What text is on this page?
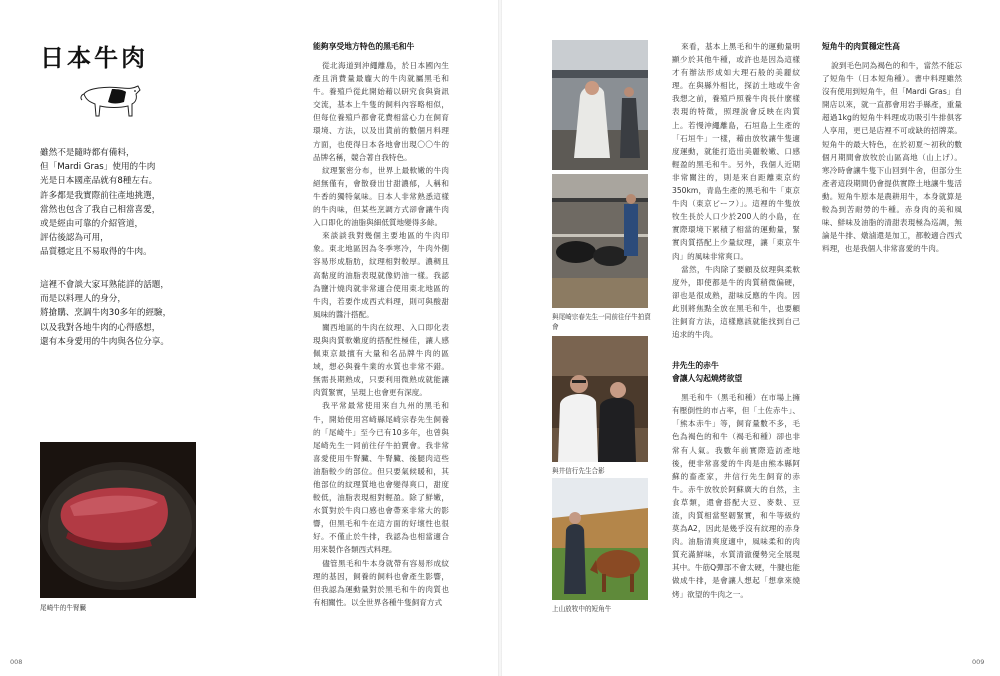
日本牛肉

雖然不是隨時都有備料，

但「Mardi Gras」使用的牛肉

光是日本國產品就有8種左右。

許多都是我實際前往產地挑選，

當然也包含了我自己相當喜愛，

或是經由可靠的介紹管道，

評估後認為可用，

品質穩定且不易取得的牛肉。

這裡不會談大家耳熟能詳的話題，

而是以料理人的身分，

將搶購、烹調牛肉30多年的經驗，

以及我對各地牛肉的心得感想，

還有本身愛用的牛肉與各位分享。

尾崎牛的牛腎臟
008
能夠享受地方特色的黑毛和牛

從北海道到沖繩離島，於日本國內生產且消費量最龐大的牛肉就屬黑毛和牛。養殖戶從此開始藉以研究食與資訊交流，基本上牛隻的飼料內容略相似，但每位養殖戶都會花費相當心力在飼育環境、方法，以及出貨前的數個月料理方面，也使得日本各地會出現〇〇牛的品牌名稱，競合著自我特色。

紋理緊密分布，世界上最軟嫩的牛肉絕無僅有，會散發出甘甜濃郁，人稱和牛香的獨特氣味。日本人非常熟悉這樣的牛肉味，但某些烹調方式卻會讓牛肉入口即化的油脂與細低質地變得多餘。

來談談我對幾個主要地區的牛肉印象。東北地區因為冬季寒冷，牛肉外側容易形成脂肪，紋理相對較厚。濃稠且高黏度的油脂表現就像奶油一樣。我認為鹽汁燒肉就非常適合使用東北地區的牛肉，若要作成西式料理，則可與酸甜風味的醬汁搭配。

關西地區的牛肉在紋理、入口即化表現與肉質軟嫩度的搭配性極佳，讓人感佩東京最擅有大量和名品牌牛肉的區域，想必與養牛業的水質也非常不錯。無需長期熟成，只要利用微熟成就能讓肉質緊實，呈現上也會更有深度。

我平常最常使用來自九州的黑毛和牛，開始使用宮崎縣尾崎宗春先生飼養的「尾崎牛」至今已有10多年，也曾與尾崎先生一同前往仔牛拍賣會。我非常喜愛使用牛腎臟、牛腎臟、後腿肉這些油脂較少的部位。但只要氣候暖和，其他部位的紋理質地也會變得爽口，甜度較低，油脂表現相對輕盈。除了鮮嫩，水質對於牛肉口感也會帶來非常大的影響，但黑毛和牛在這方面的好壞性也很好。不僅止於牛排，我認為也相當適合用來製作各類西式料理。

儘管黑毛和牛本身就帶有容易形成紋理的基因，飼養的飼料也會產生影響，但我認為運動量對於黑毛和牛的肉質也有相關性。以全世界各種牛隻飼育方式

與尾崎宗春先生一同前往仔牛拍賣會
與井信行先生合影
上山放牧中的短角牛

來看，基本上黑毛和牛的運動量明顯少於其他牛種，或許也是因為這樣才有辦法形成如大理石般的美麗紋理。在與縣外相比，探訪土地或牛舍我想之前，養殖戶照養牛肉長什麼樣表現的特徵，照理說會反映在肉質上。若慢沖繩離島，石垣島上生產的「石垣牛」一樣，藉由放牧讓牛隻適度運動，就能打造出美麗較嫩、口感輕盈的黑毛和牛。另外，我個人近期非常關注的，則是來自距離東京約350km，青島生產的黑毛和牛「東京牛肉（東京ビーフ）」。這裡的牛隻放牧生長於人口少於200人的小島，在實際環境下累積了相當的運動量，緊實肉質搭配上少量紋理，讓「東京牛肉」的風味非常爽口。

當然，牛肉除了要顧及紋理與柔軟度外，即使都是牛的肉質稍微偏硬，卻也是很成熟，甜味反應的牛肉。因此別將焦點全放在黑毛和牛，也要顧注飼育方法，這樣應該就能找到自己追求的牛肉。

井先生的赤牛
會讓人勾起燒烤欲望

黑毛和牛（黑毛和種）在市場上擁有壓倒性的市占率，但「土佐赤牛」、「熊本赤牛」等，飼育量數不多，毛色為褐色的和牛（褐毛和種）卻也非常有人氣。我數年前實際造訪產地後，便非常喜愛的牛肉是由熊本縣阿蘇的畜產家，井信行先生飼育的赤牛。赤牛放牧於阿蘇廣大的自然，主食草類，還會搭配大豆、麥麩、豆渣，肉質相當堅韌緊實，和牛等級約莫為A2，因此是幾乎沒有紋理的赤身肉。油脂清爽度適中，風味柔和的肉質充滿鮮味，水質清澈優勢完全展現其中。牛筋Q彈部不會太硬，牛腱也能做成牛排，是會讓人想起「想拿來燒烤」欲望的牛肉之一。

短角牛的肉質穩定性高

說到毛色同為褐色的和牛，當然不能忘了短角牛（日本短角種）。書中料理雖然沒有使用到短角牛，但「Mardi Gras」自開店以來，就一直都會用岩手縣產，重量超過1kg的短角牛料理成功吸引牛排俱客人享用，更已是店裡不可或缺的招牌菜。短角牛的最大特色，在於初夏～初秋的數個月期間會放牧於山區高地（山上げ）。寒冷時會讓牛隻下山回到牛舍，但部分生產者這段期間仍會提供實際土地讓牛隻活動。短角牛原本是農耕用牛，本身就算是較為到苦耐勞的牛種。赤身肉的美和風味、鮮味及油脂的清甜表現極為巡調，無論是牛排、燉滷還是加工，都較適合西式料理，也是我個人非常喜愛的牛肉。

009
